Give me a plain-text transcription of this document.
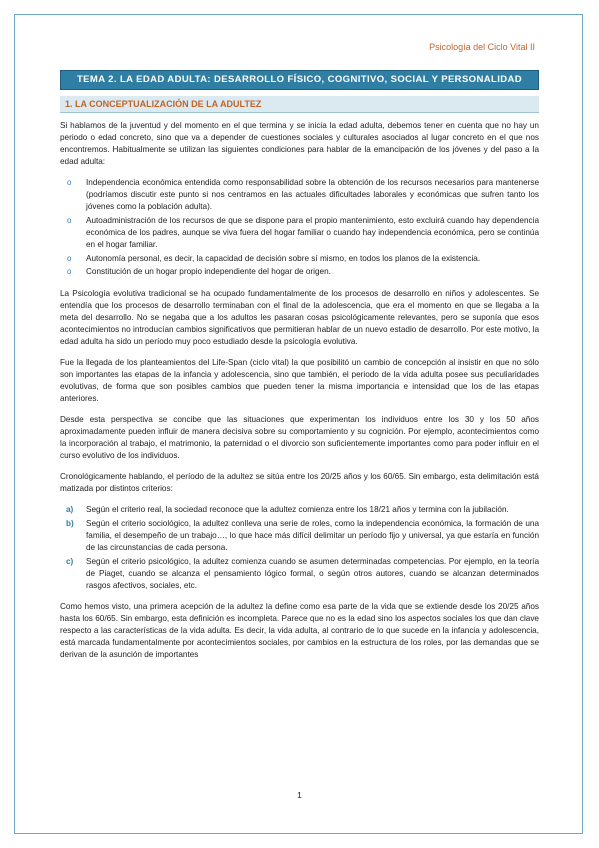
Psicología del Ciclo Vital II
TEMA 2. LA EDAD ADULTA: DESARROLLO FÍSICO, COGNITIVO, SOCIAL Y PERSONALIDAD
1. LA CONCEPTUALIZACIÓN DE LA ADULTEZ

Si hablamos de la juventud y del momento en el que termina y se inicia la edad adulta, debemos tener en cuenta que no hay un periodo o edad concreto, sino que va a depender de cuestiones sociales y culturales asociados al lugar concreto en el que nos encontremos. Habitualmente se utilizan las siguientes condiciones para hablar de la emancipación de los jóvenes y del paso a la edad adulta:

o Independencia económica entendida como responsabilidad sobre la obtención de los recursos necesarios para mantenerse (podríamos discutir este punto si nos centramos en las actuales dificultades laborales y económicas que sufren tanto los jóvenes como la población adulta).
o Autoadministración de los recursos de que se dispone para el propio mantenimiento, esto excluirá cuando hay dependencia económica de los padres, aunque se viva fuera del hogar familiar o cuando hay independencia económica, pero se continúa en el hogar familiar.
o Autonomía personal, es decir, la capacidad de decisión sobre sí mismo, en todos los planos de la existencia.
o Constitución de un hogar propio independiente del hogar de origen.

La Psicología evolutiva tradicional se ha ocupado fundamentalmente de los procesos de desarrollo en niños y adolescentes. Se entendía que los procesos de desarrollo terminaban con el final de la adolescencia, que era el momento en que se llegaba a la meta del desarrollo. No se negaba que a los adultos les pasaran cosas psicológicamente relevantes, pero se suponía que esos acontecimientos no introducían cambios significativos que permitieran hablar de un nuevo estadio de desarrollo. Por este motivo, la edad adulta ha sido un período muy poco estudiado desde la psicología evolutiva.

Fue la llegada de los planteamientos del Life-Span (ciclo vital) la que posibilitó un cambio de concepción al insistir en que no sólo son importantes las etapas de la infancia y adolescencia, sino que también, el periodo de la vida adulta posee sus peculiaridades evolutivas, de forma que son posibles cambios que pueden tener la misma importancia e intensidad que los de las etapas anteriores.

Desde esta perspectiva se concibe que las situaciones que experimentan los individuos entre los 30 y los 50 años aproximadamente pueden influir de manera decisiva sobre su comportamiento y su cognición. Por ejemplo, acontecimientos como la incorporación al trabajo, el matrimonio, la paternidad o el divorcio son suficientemente importantes como para poder influir en el curso evolutivo de los individuos.

Cronológicamente hablando, el período de la adultez se sitúa entre los 20/25 años y los 60/65. Sin embargo, esta delimitación está matizada por distintos criterios:

a) Según el criterio real, la sociedad reconoce que la adultez comienza entre los 18/21 años y termina con la jubilación.
b) Según el criterio sociológico, la adultez conlleva una serie de roles, como la independencia económica, la formación de una familia, el desempeño de un trabajo…, lo que hace más difícil delimitar un período fijo y universal, ya que estaría en función de las circunstancias de cada persona.
c) Según el criterio psicológico, la adultez comienza cuando se asumen determinadas competencias. Por ejemplo, en la teoría de Piaget, cuando se alcanza el pensamiento lógico formal, o según otros autores, cuando se alcanzan determinados rasgos afectivos, sociales, etc.

Como hemos visto, una primera acepción de la adultez la define como esa parte de la vida que se extiende desde los 20/25 años hasta los 60/65. Sin embargo, esta definición es incompleta. Parece que no es la edad sino los aspectos sociales los que dan clave respecto a las características de la vida adulta. Es decir, la vida adulta, al contrario de lo que sucede en la infancia y adolescencia, está marcada fundamentalmente por acontecimientos sociales, por cambios en la estructura de los roles, por las demandas que se derivan de la asunción de importantes

1
